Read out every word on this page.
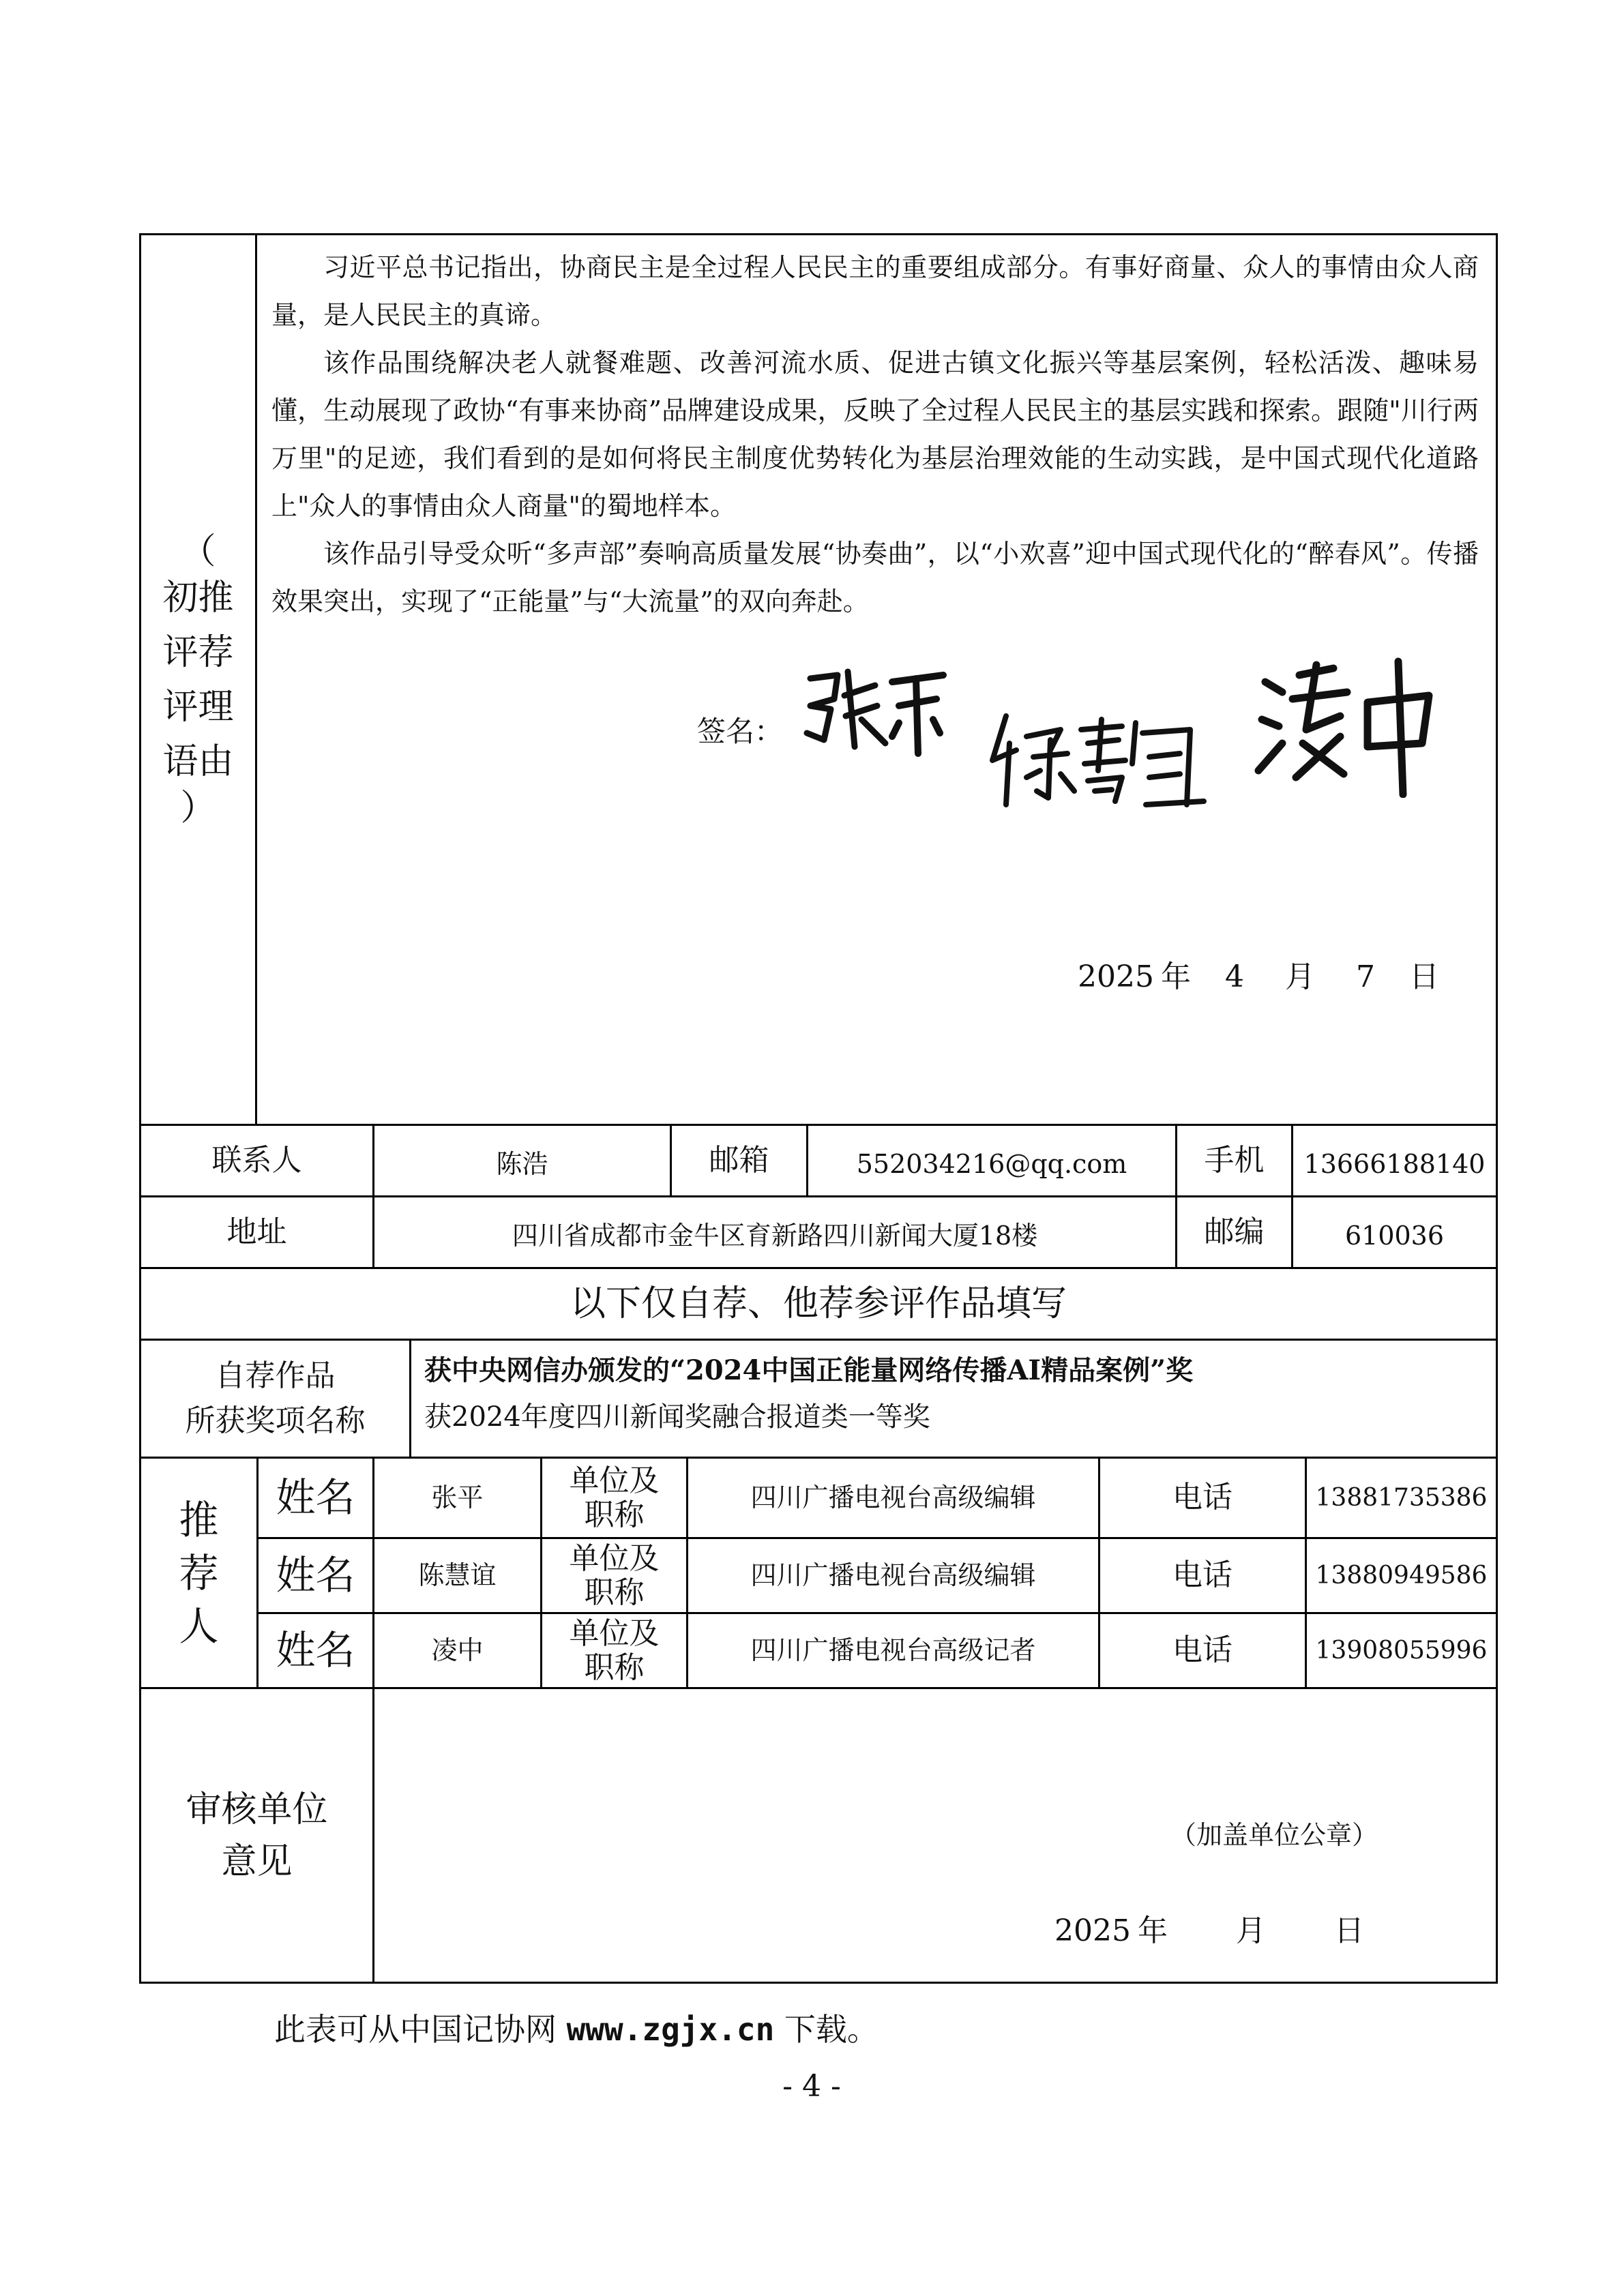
（
初推
评荐
评理
语由
）

习近平总书记指出，协商民主是全过程人民民主的重要组成部分。有事好商量、众人的事情由众人商量，是人民民主的真谛。

该作品围绕解决老人就餐难题、改善河流水质、促进古镇文化振兴等基层案例，轻松活泼、趣味易懂，生动展现了政协“有事来协商”品牌建设成果，反映了全过程人民民主的基层实践和探索。跟随"川行两万里"的足迹，我们看到的是如何将民主制度优势转化为基层治理效能的生动实践，是中国式现代化道路上"众人的事情由众人商量"的蜀地样本。

该作品引导受众听“多声部”奏响高质量发展“协奏曲”，以“小欢喜”迎中国式现代化的“醉春风”。传播效果突出，实现了“正能量”与“大流量”的双向奔赴。

签名：

2025 年 4 月 7 日

联系人	陈浩	邮箱	552034216@qq.com	手机	13666188140
地址	四川省成都市金牛区育新路四川新闻大厦18楼	邮编	610036
以下仅自荐、他荐参评作品填写
自荐作品
所获奖项名称
获中央网信办颁发的“2024中国正能量网络传播AI精品案例”奖
获2024年度四川新闻奖融合报道类一等奖
推
荐
人
姓名	张平	单位及
职称	四川广播电视台高级编辑	电话	13881735386
姓名	陈慧谊	单位及
职称	四川广播电视台高级编辑	电话	13880949586
姓名	凌中	单位及
职称	四川广播电视台高级记者	电话	13908055996
审核单位
意见
（加盖单位公章）

2025 年 月 日

此表可从中国记协网 www.zgjx.cn 下载。
- 4 -
